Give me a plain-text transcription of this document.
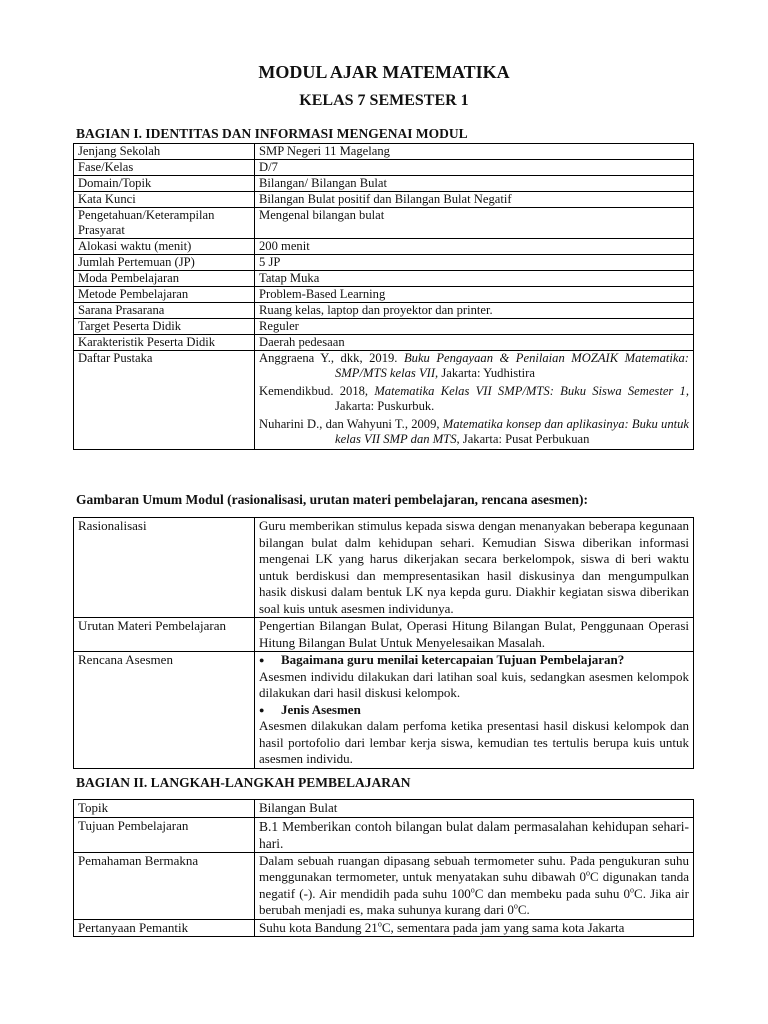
MODUL AJAR MATEMATIKA
KELAS 7 SEMESTER 1
BAGIAN I. IDENTITAS DAN INFORMASI MENGENAI MODUL
Jenjang Sekolah	SMP Negeri 11 Magelang
Fase/Kelas	D/7
Domain/Topik	Bilangan/ Bilangan Bulat
Kata Kunci	Bilangan Bulat positif dan Bilangan Bulat Negatif
Pengetahuan/Keterampilan Prasyarat	Mengenal bilangan bulat
Alokasi waktu (menit)	200 menit
Jumlah Pertemuan (JP)	5 JP
Moda Pembelajaran	Tatap Muka
Metode Pembelajaran	Problem-Based Learning
Sarana Prasarana	Ruang kelas, laptop dan proyektor dan printer.
Target Peserta Didik	Reguler
Karakteristik Peserta Didik	Daerah pedesaan
Daftar Pustaka	Anggraena Y., dkk, 2019. Buku Pengayaan & Penilaian MOZAIK Matematika: SMP/MTS kelas VII, Jakarta: Yudhistira

Kemendikbud. 2018, Matematika Kelas VII SMP/MTS: Buku Siswa Semester 1, Jakarta: Puskurbuk.

Nuharini D., dan Wahyuni T., 2009, Matematika konsep dan aplikasinya: Buku untuk kelas VII SMP dan MTS, Jakarta: Pusat Perbukuan

Gambaran Umum Modul (rasionalisasi, urutan materi pembelajaran, rencana asesmen):
Rasionalisasi	Guru memberikan stimulus kepada siswa dengan menanyakan beberapa kegunaan bilangan bulat dalm kehidupan sehari. Kemudian Siswa diberikan informasi mengenai LK yang harus dikerjakan secara berkelompok, siswa di beri waktu untuk berdiskusi dan mempresentasikan hasil diskusinya dan mengumpulkan hasik diskusi dalam bentuk LK nya kepda guru. Diakhir kegiatan siswa diberikan soal kuis untuk asesmen individunya.
Urutan Materi Pembelajaran	Pengertian Bilangan Bulat, Operasi Hitung Bilangan Bulat, Penggunaan Operasi Hitung Bilangan Bulat Untuk Menyelesaikan Masalah.
Rencana Asesmen	● Bagaimana guru menilai ketercapaian Tujuan Pembelajaran?
Asesmen individu dilakukan dari latihan soal kuis, sedangkan asesmen kelompok dilakukan dari hasil diskusi kelompok.
● Jenis Asesmen
Asesmen dilakukan dalam perfoma ketika presentasi hasil diskusi kelompok dan hasil portofolio dari lembar kerja siswa, kemudian tes tertulis berupa kuis untuk asesmen individu.
BAGIAN II. LANGKAH-LANGKAH PEMBELAJARAN
Topik	Bilangan Bulat
Tujuan Pembelajaran	B.1 Memberikan contoh bilangan bulat dalam permasalahan kehidupan sehari-hari.
Pemahaman Bermakna	Dalam sebuah ruangan dipasang sebuah termometer suhu. Pada pengukuran suhu menggunakan termometer, untuk menyatakan suhu dibawah 0$^o$C digunakan tanda negatif (-). Air mendidih pada suhu 100$^o$C dan membeku pada suhu 0$^o$C. Jika air berubah menjadi es, maka suhunya kurang dari 0$^o$C.
Pertanyaan Pemantik	Suhu kota Bandung 21$^o$C, sementara pada jam yang sama kota Jakarta
